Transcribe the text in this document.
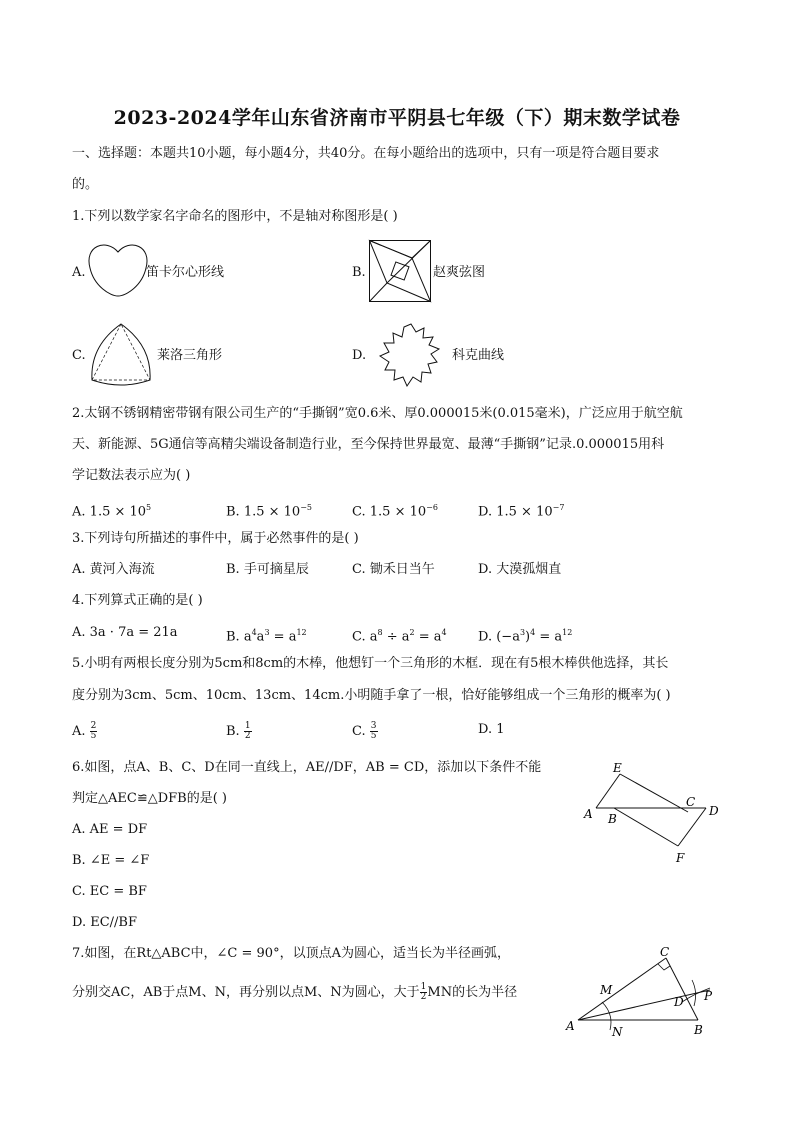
2023-2024学年山东省济南市平阴县七年级（下）期末数学试卷
一、选择题：本题共10小题，每小题4分，共40分。在每小题给出的选项中，只有一项是符合题目要求
的。
1.下列以数学家名字命名的图形中，不是轴对称图形是( )
A.	笛卡尔心形线	B.	赵爽弦图
C.	莱洛三角形	D.	科克曲线
2.太钢不锈钢精密带钢有限公司生产的“手撕钢”宽0.6米、厚0.000015米(0.015毫米)，广泛应用于航空航
天、新能源、5G通信等高精尖端设备制造行业，至今保持世界最宽、最薄“手撕钢”记录.0.000015用科
学记数法表示应为( )
A. $1.5 \times 10^5$	B. $1.5 \times 10^{-5}$	C. $1.5 \times 10^{-6}$	D. $1.5 \times 10^{-7}$
3.下列诗句所描述的事件中，属于必然事件的是( )
A. 黄河入海流	B. 手可摘星辰	C. 锄禾日当午	D. 大漠孤烟直
4.下列算式正确的是( )
A. 3a · 7a = 21a	B. $a^4a^3 = a^{12}$	C. $a^8 \div a^2 = a^4$ D. $(-a^3)^4 = a^{12}$
5.小明有两根长度分别为5cm和8cm的木棒，他想钉一个三角形的木框．现在有5根木棒供他选择，其长
度分别为3cm、5cm、10cm、13cm、14cm.小明随手拿了一根，恰好能够组成一个三角形的概率为( )
A. $\frac{2}{5}$	B. $\frac{1}{2}$	C. $\frac{3}{5}$	D. 1
6.如图，点A、B、C、D在同一直线上，AE//DF，AB = CD，添加以下条件不能
判定△AEC≌△DFB的是( )
A. AE = DF
B. ∠E = ∠F
C. EC = BF
D. EC//BF
E
C
D
A B
F
7.如图，在Rt△ABC中，∠C = 90°，以顶点A为圆心，适当长为半径画弧，
分别交AC，AB于点M、N，再分别以点M、N为圆心，大于 $\frac{1}{2}$ MN的长为半径
C
M
D P
A	N	B
